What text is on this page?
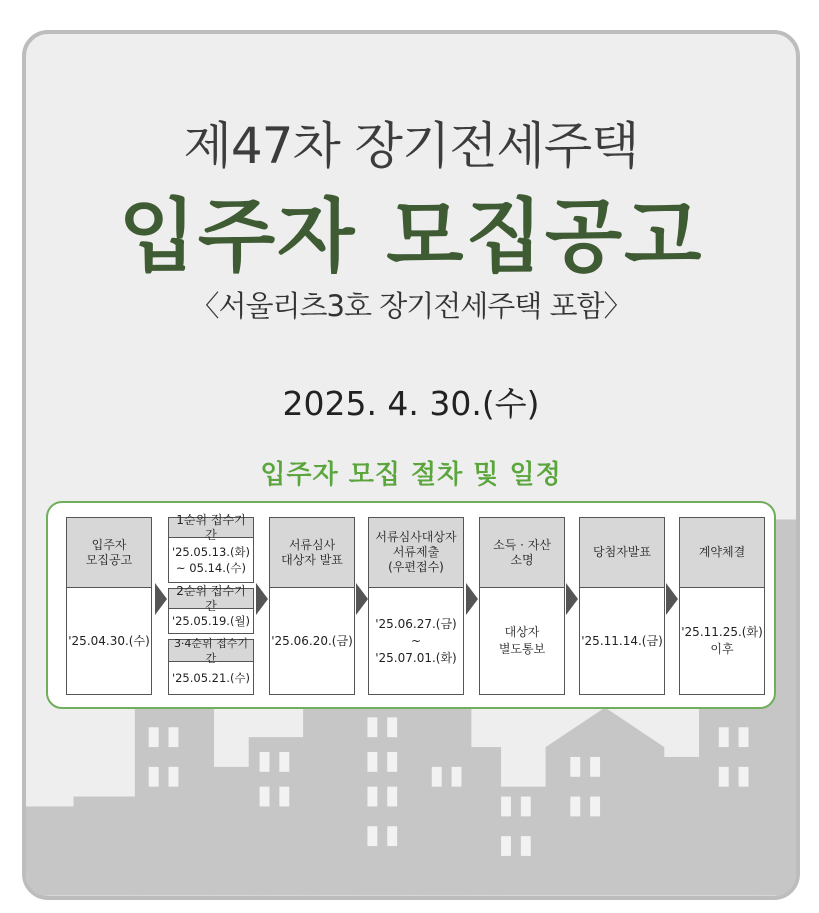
제47차 장기전세주택
입주자 모집공고
〈서울리츠3호 장기전세주택 포함〉
2025. 4. 30.(수)
입주자 모집 절차 및 일정
입주자
모집공고
'25.04.30.(수)
1순위 접수기간
'25.05.13.(화)
~ 05.14.(수)
2순위 접수기간
'25.05.19.(월)
3·4순위 접수기간
'25.05.21.(수)
서류심사
대상자 발표
'25.06.20.(금)
서류심사대상자
서류제출
(우편접수)
'25.06.27.(금)
~
'25.07.01.(화)
소득 · 자산
소명
대상자
별도통보
당첨자발표
'25.11.14.(금)
계약체결
'25.11.25.(화)
이후
